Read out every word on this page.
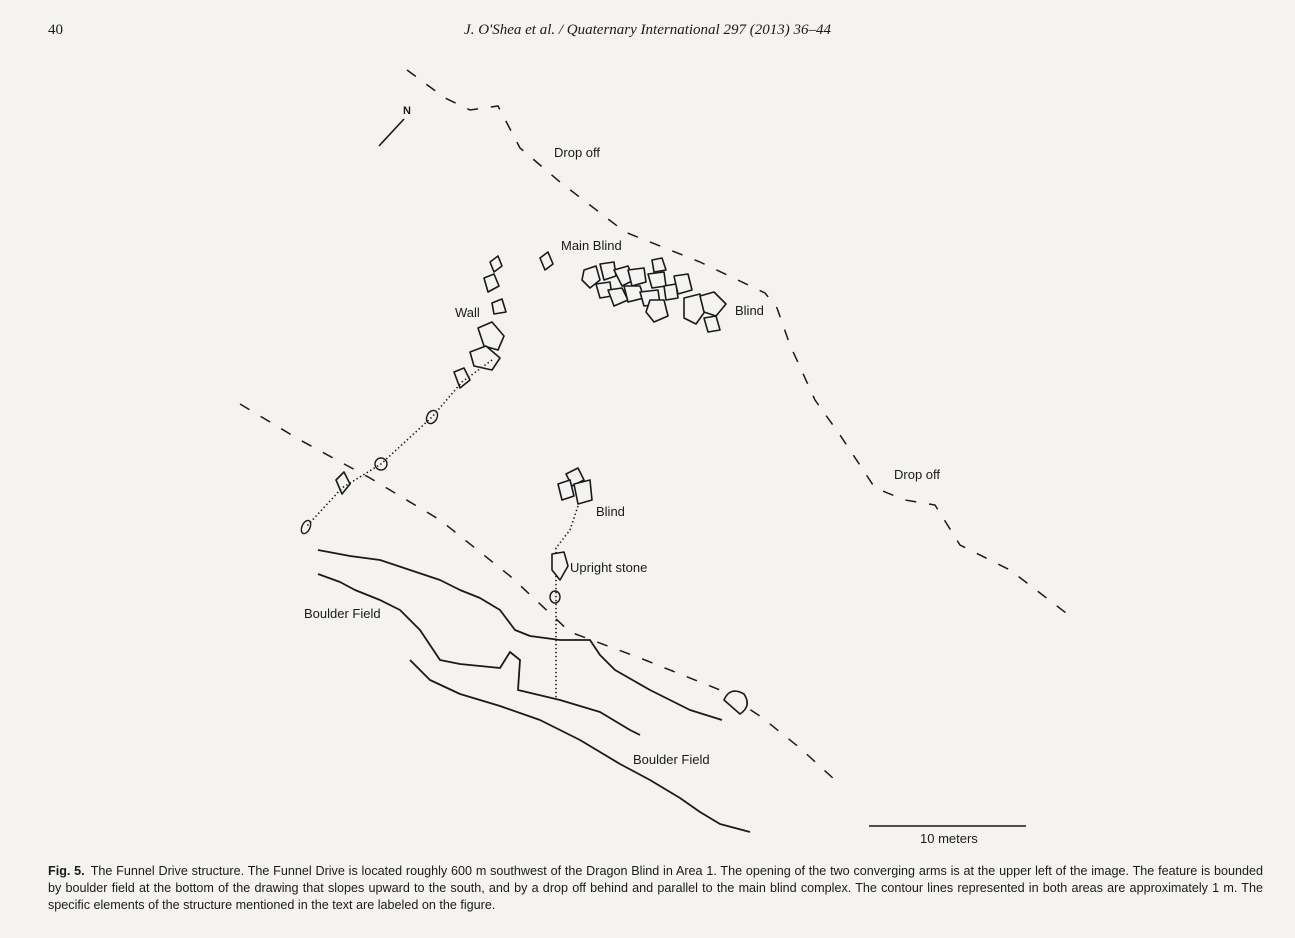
40	J. O'Shea et al. / Quaternary International 297 (2013) 36–44
N
Drop off
Main Blind
Blind
Wall
Drop off
Blind
Upright stone
Boulder Field
Boulder Field
10 meters
Fig. 5. The Funnel Drive structure. The Funnel Drive is located roughly 600 m southwest of the Dragon Blind in Area 1. The opening of the two converging arms is at the upper left of the image. The feature is bounded by boulder field at the bottom of the drawing that slopes upward to the south, and by a drop off behind and parallel to the main blind complex. The contour lines represented in both areas are approximately 1 m. The specific elements of the structure mentioned in the text are labeled on the figure.
